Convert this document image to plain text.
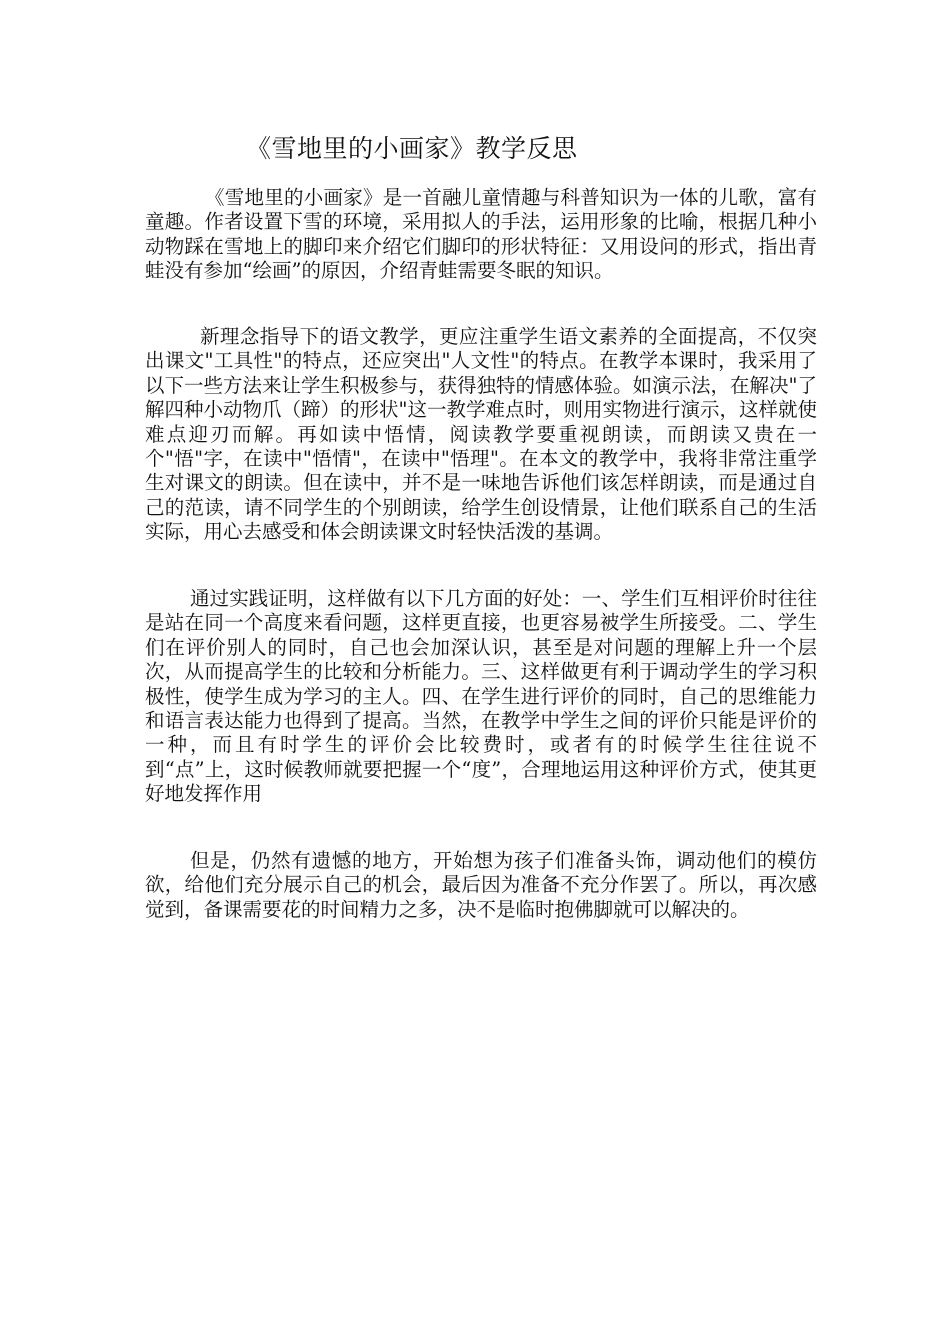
《雪地里的小画家》教学反思

《雪地里的小画家》是一首融儿童情趣与科普知识为一体的儿歌，富有童趣。作者设置下雪的环境，采用拟人的手法，运用形象的比喻，根据几种小动物踩在雪地上的脚印来介绍它们脚印的形状特征：又用设问的形式，指出青蛙没有参加“绘画”的原因，介绍青蛙需要冬眠的知识。

新理念指导下的语文教学，更应注重学生语文素养的全面提高，不仅突出课文"工具性"的特点，还应突出"人文性"的特点。在教学本课时，我采用了以下一些方法来让学生积极参与，获得独特的情感体验。如演示法，在解决"了解四种小动物爪（蹄）的形状"这一教学难点时，则用实物进行演示，这样就使难点迎刃而解。再如读中悟情，阅读教学要重视朗读，而朗读又贵在一个"悟"字，在读中"悟情"，在读中"悟理"。在本文的教学中，我将非常注重学生对课文的朗读。但在读中，并不是一味地告诉他们该怎样朗读，而是通过自己的范读，请不同学生的个别朗读，给学生创设情景，让他们联系自己的生活实际，用心去感受和体会朗读课文时轻快活泼的基调。

通过实践证明，这样做有以下几方面的好处：一、学生们互相评价时往往是站在同一个高度来看问题，这样更直接，也更容易被学生所接受。二、学生们在评价别人的同时，自己也会加深认识，甚至是对问题的理解上升一个层次，从而提高学生的比较和分析能力。三、这样做更有利于调动学生的学习积极性，使学生成为学习的主人。四、在学生进行评价的同时，自己的思维能力和语言表达能力也得到了提高。当然，在教学中学生之间的评价只能是评价的一种，而且有时学生的评价会比较费时，或者有的时候学生往往说不到“点”上，这时候教师就要把握一个“度”，合理地运用这种评价方式，使其更好地发挥作用

但是，仍然有遗憾的地方，开始想为孩子们准备头饰，调动他们的模仿欲，给他们充分展示自己的机会，最后因为准备不充分作罢了。所以，再次感觉到，备课需要花的时间精力之多，决不是临时抱佛脚就可以解决的。
